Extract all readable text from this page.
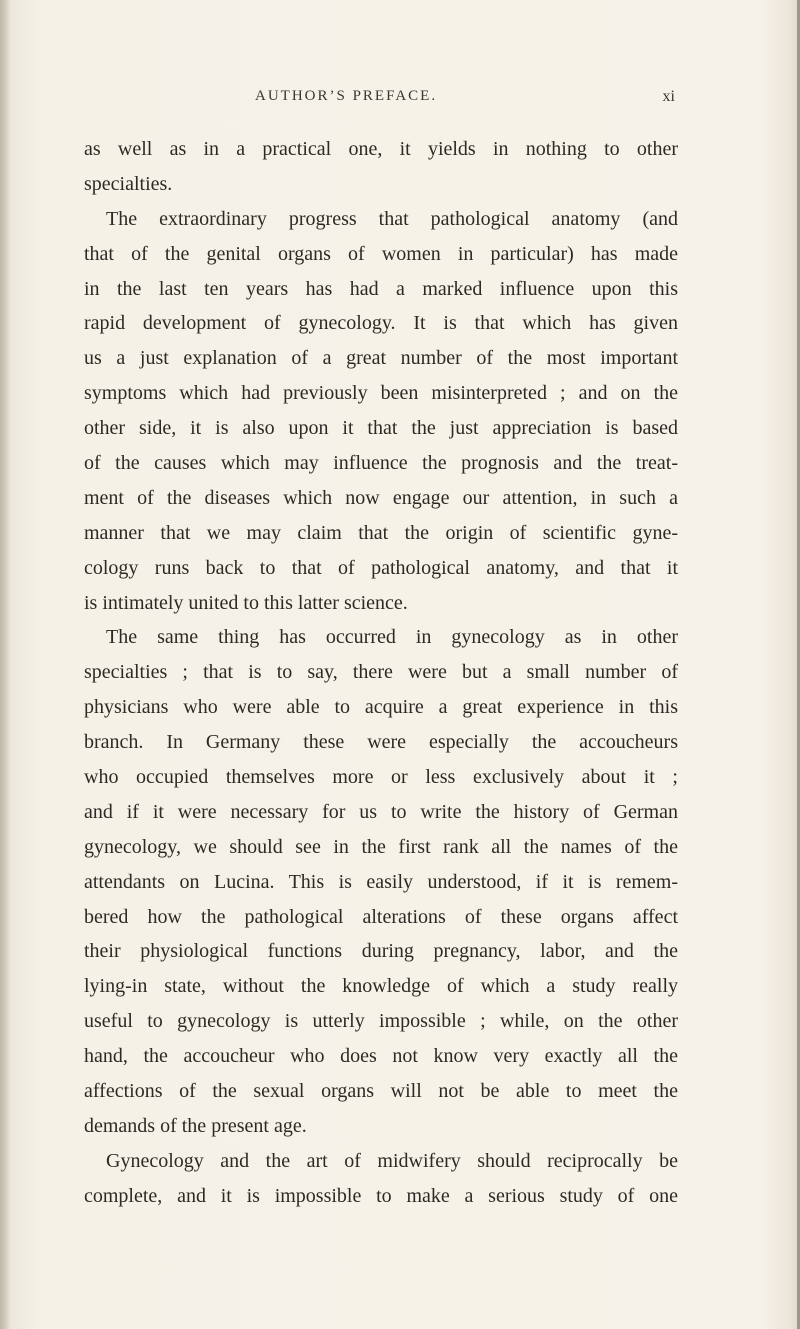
AUTHOR’S PREFACE.	xi
as well as in a practical one, it yields in nothing to other
specialties.
The extraordinary progress that pathological anatomy (and
that of the genital organs of women in particular) has made
in the last ten years has had a marked influence upon this
rapid development of gynecology. It is that which has given
us a just explanation of a great number of the most important
symptoms which had previously been misinterpreted ; and on the
other side, it is also upon it that the just appreciation is based
of the causes which may influence the prognosis and the treat-
ment of the diseases which now engage our attention, in such a
manner that we may claim that the origin of scientific gyne-
cology runs back to that of pathological anatomy, and that it
is intimately united to this latter science.
The same thing has occurred in gynecology as in other
specialties ; that is to say, there were but a small number of
physicians who were able to acquire a great experience in this
branch. In Germany these were especially the accoucheurs
who occupied themselves more or less exclusively about it ;
and if it were necessary for us to write the history of German
gynecology, we should see in the first rank all the names of the
attendants on Lucina. This is easily understood, if it is remem-
bered how the pathological alterations of these organs affect
their physiological functions during pregnancy, labor, and the
lying-in state, without the knowledge of which a study really
useful to gynecology is utterly impossible ; while, on the other
hand, the accoucheur who does not know very exactly all the
affections of the sexual organs will not be able to meet the
demands of the present age.
Gynecology and the art of midwifery should reciprocally be
complete, and it is impossible to make a serious study of one
